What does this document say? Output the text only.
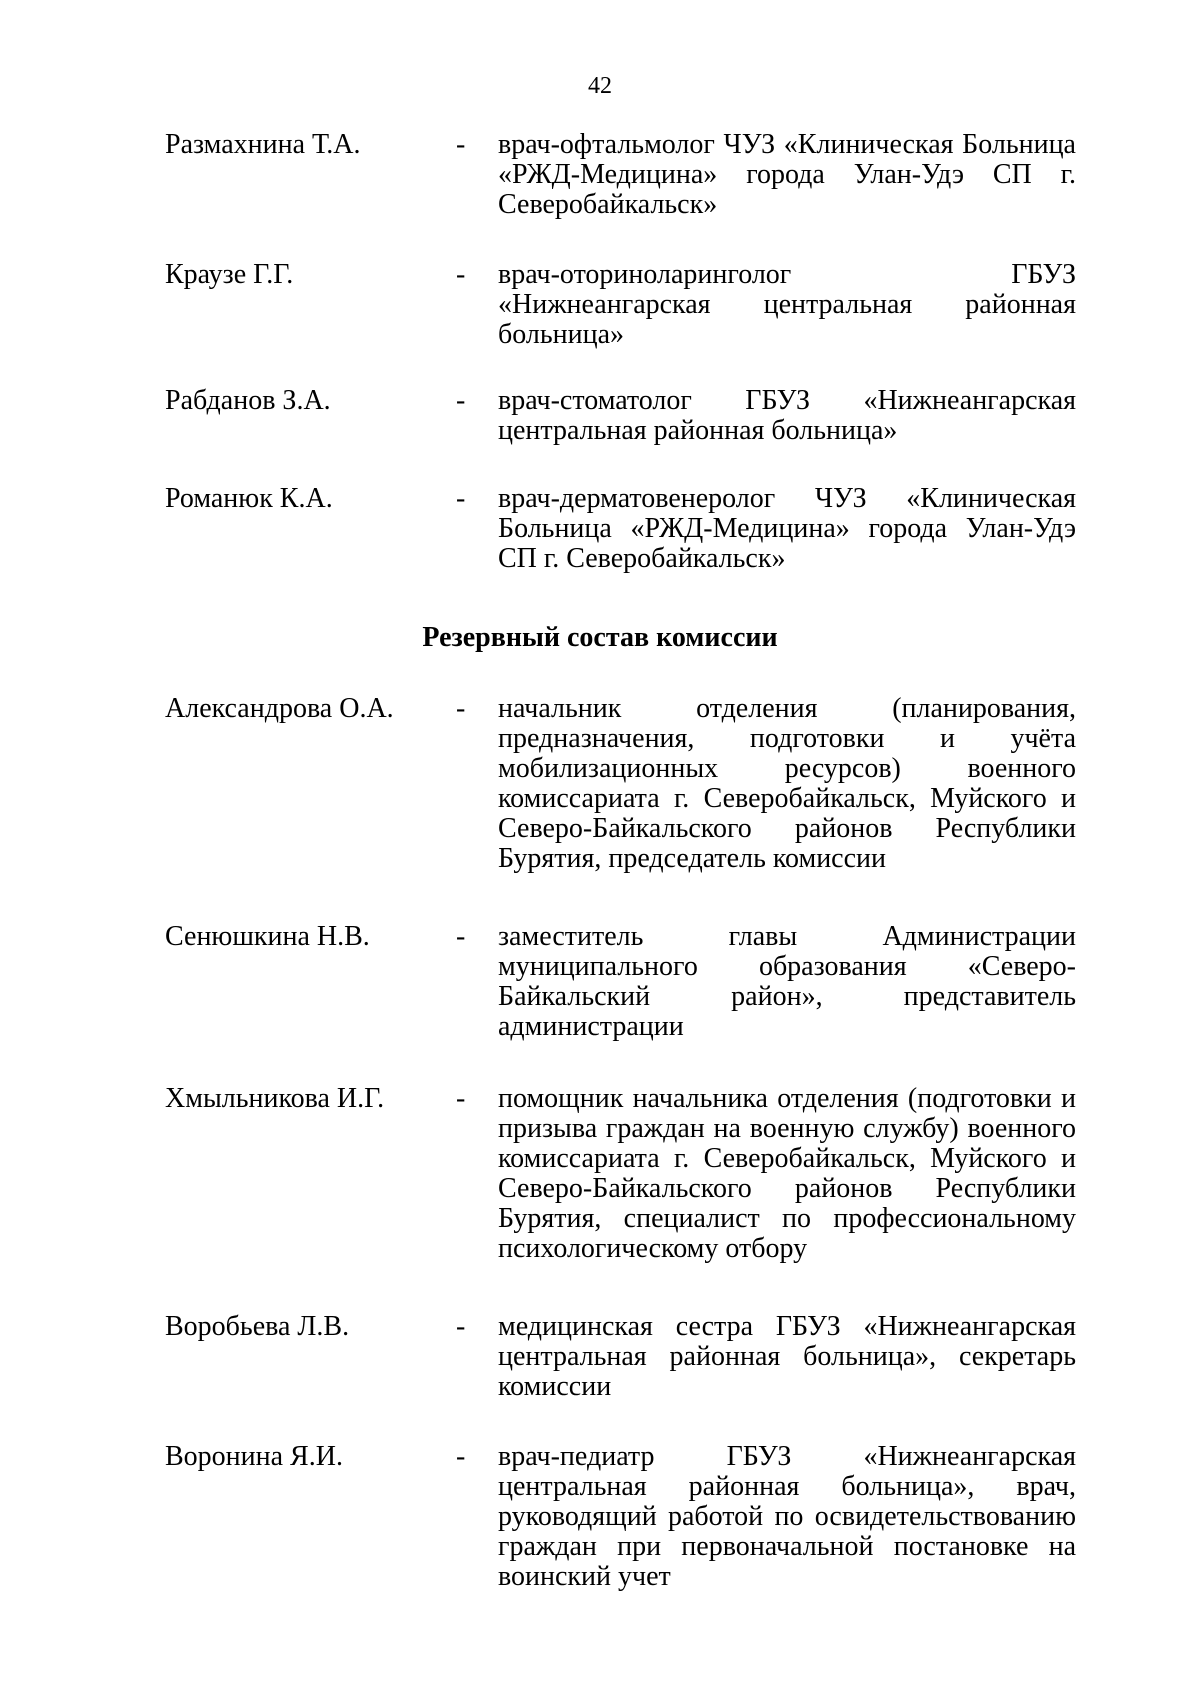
42
Размахнина Т.А.	- врач-офтальмолог ЧУЗ «Клиническая Больница «РЖД-Медицина» города Улан-Удэ СП г. Северобайкальск»
Краузе Г.Г.	- врач-оториноларинголог ГБУЗ «Нижнеангарская центральная районная больница»
Рабданов З.А.	- врач-стоматолог ГБУЗ «Нижнеангарская центральная районная больница»
Романюк К.А.	- врач-дерматовенеролог ЧУЗ «Клиническая Больница «РЖД-Медицина» города Улан-Удэ СП г. Северобайкальск»
Резервный состав комиссии
Александрова О.А. - начальник отделения (планирования, предназначения, подготовки и учёта мобилизационных ресурсов) военного комиссариата г. Северобайкальск, Муйского и Северо-Байкальского районов Республики Бурятия, председатель комиссии
Сенюшкина Н.В.	- заместитель главы Администрации муниципального образования «Северо-Байкальский район», представитель администрации
Хмыльникова И.Г.	- помощник начальника отделения (подготовки и призыва граждан на военную службу) военного комиссариата г. Северобайкальск, Муйского и Северо-Байкальского районов Республики Бурятия, специалист по профессиональному психологическому отбору
Воробьева Л.В.	- медицинская сестра ГБУЗ «Нижнеангарская центральная районная больница», секретарь комиссии
Воронина Я.И.	- врач-педиатр ГБУЗ «Нижнеангарская центральная районная больница», врач, руководящий работой по освидетельствованию граждан при первоначальной постановке на воинский учет
